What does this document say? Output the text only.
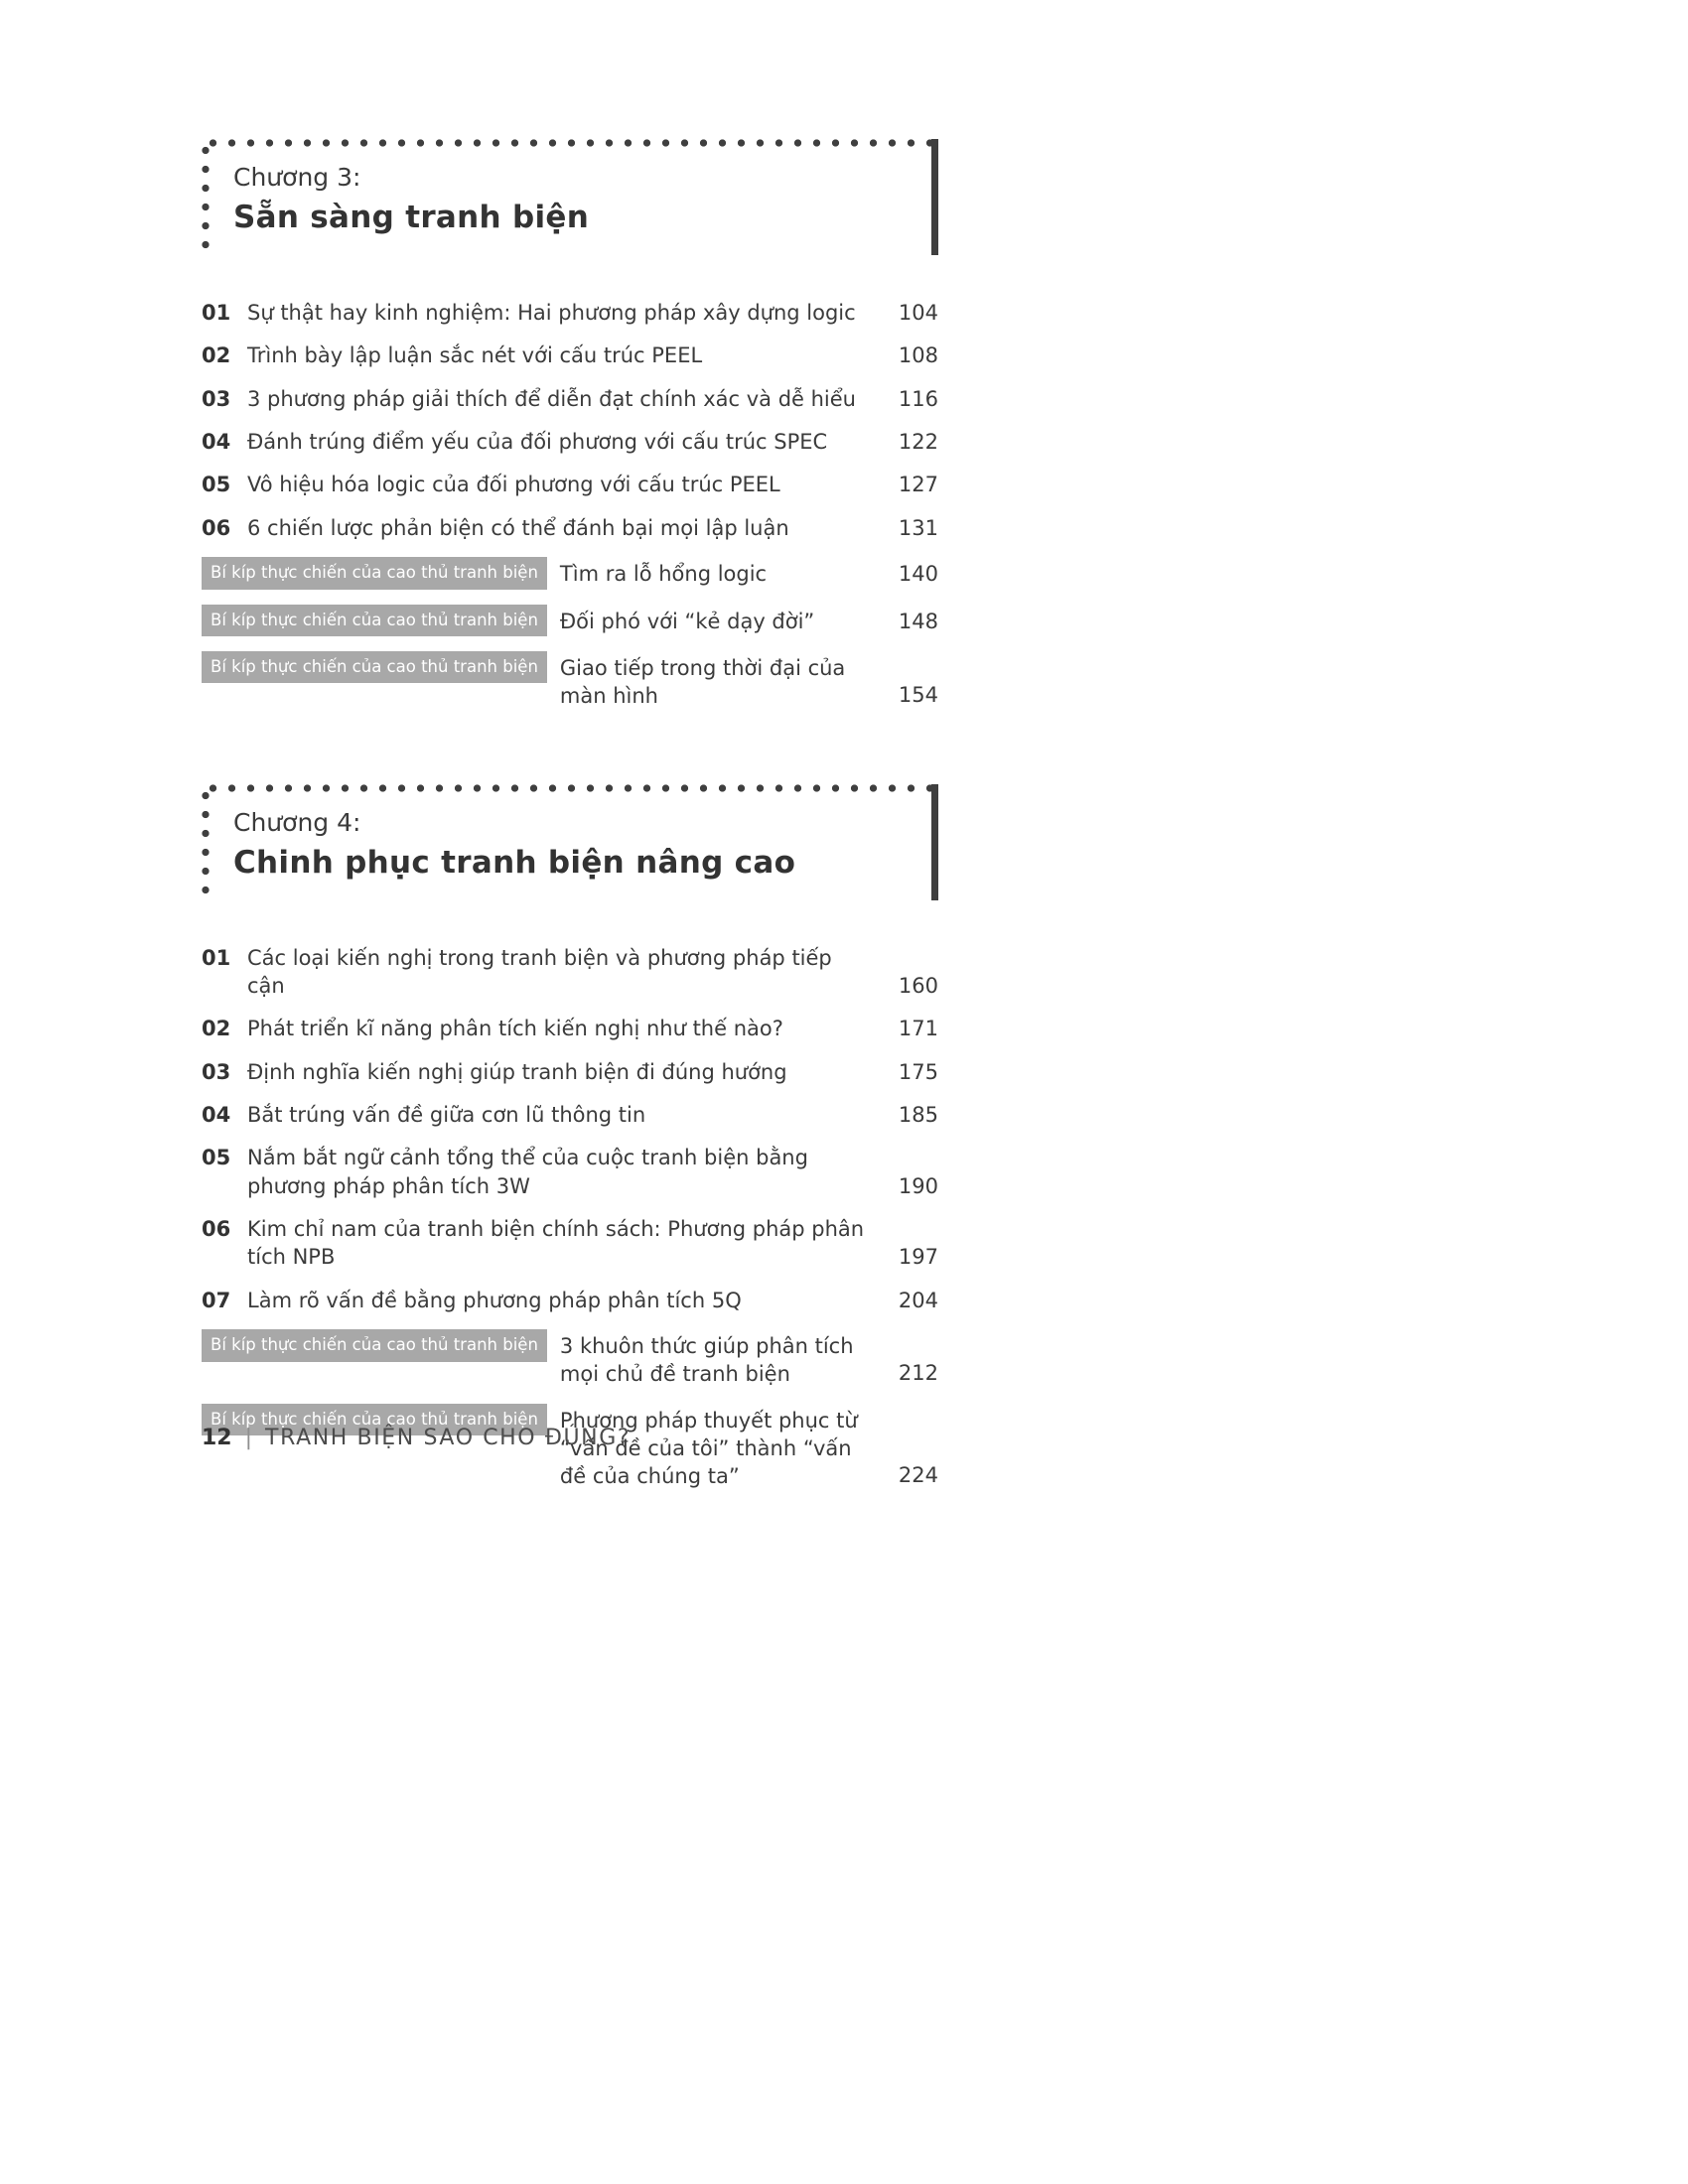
Chương 3:
Sẵn sàng tranh biện
01 Sự thật hay kinh nghiệm: Hai phương pháp xây dựng logic	104
02 Trình bày lập luận sắc nét với cấu trúc PEEL	108
03 3 phương pháp giải thích để diễn đạt chính xác và dễ hiểu	116
04 Đánh trúng điểm yếu của đối phương với cấu trúc SPEC	122
05 Vô hiệu hóa logic của đối phương với cấu trúc PEEL	127
06 6 chiến lược phản biện có thể đánh bại mọi lập luận	131
Bí kíp thực chiến của cao thủ tranh biện	Tìm ra lỗ hổng logic	140
Bí kíp thực chiến của cao thủ tranh biện	Đối phó với “kẻ dạy đời”	148
Bí kíp thực chiến của cao thủ tranh biện	Giao tiếp trong thời đại của màn hình	154
Chương 4:
Chinh phục tranh biện nâng cao
01 Các loại kiến nghị trong tranh biện và phương pháp tiếp cận	160
02 Phát triển kĩ năng phân tích kiến nghị như thế nào?	171
03 Định nghĩa kiến nghị giúp tranh biện đi đúng hướng	175
04 Bắt trúng vấn đề giữa cơn lũ thông tin	185
05 Nắm bắt ngữ cảnh tổng thể của cuộc tranh biện bằng phương pháp phân tích 3W	190
06 Kim chỉ nam của tranh biện chính sách: Phương pháp phân tích NPB	197
07 Làm rõ vấn đề bằng phương pháp phân tích 5Q	204
Bí kíp thực chiến của cao thủ tranh biện	3 khuôn thức giúp phân tích mọi chủ đề tranh biện	212
Bí kíp thực chiến của cao thủ tranh biện	Phương pháp thuyết phục từ “vấn đề của tôi” thành “vấn đề của chúng ta”	224
12 | TRANH BIỆN SAO CHO ĐÚNG?
